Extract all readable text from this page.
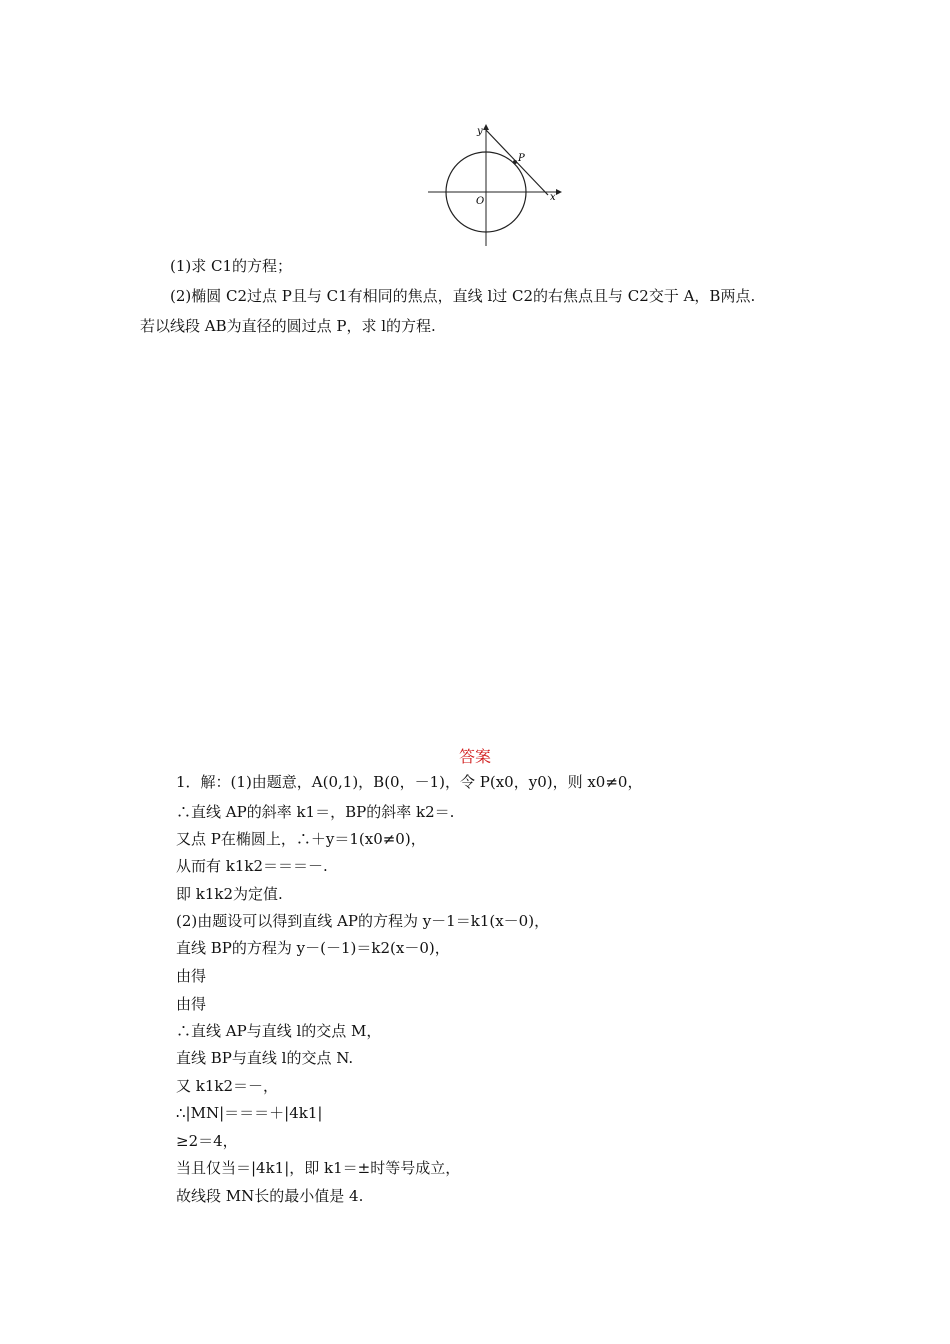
y
x
O
P
(1)求 C1的方程；
(2)椭圆 C2过点 P且与 C1有相同的焦点，直线 l过 C2的右焦点且与 C2交于 A，B两点.
若以线段 AB为直径的圆过点 P，求 l的方程.
答案
1．解：(1)由题意，A(0,1)，B(0，－1)，令 P(x0，y0)，则 x0≠0，
∴直线 AP的斜率 k1＝，BP的斜率 k2＝.
又点 P在椭圆上，∴＋y＝1(x0≠0)，
从而有 k1k2＝＝＝－.
即 k1k2为定值.
(2)由题设可以得到直线 AP的方程为 y－1＝k1(x－0)，
直线 BP的方程为 y－(－1)＝k2(x－0)，
由得
由得
∴直线 AP与直线 l的交点 M，
直线 BP与直线 l的交点 N.
又 k1k2＝－，
∴|MN|＝＝＝＋|4k1|
≥2＝4，
当且仅当＝|4k1|，即 k1＝±时等号成立，
故线段 MN长的最小值是 4.
